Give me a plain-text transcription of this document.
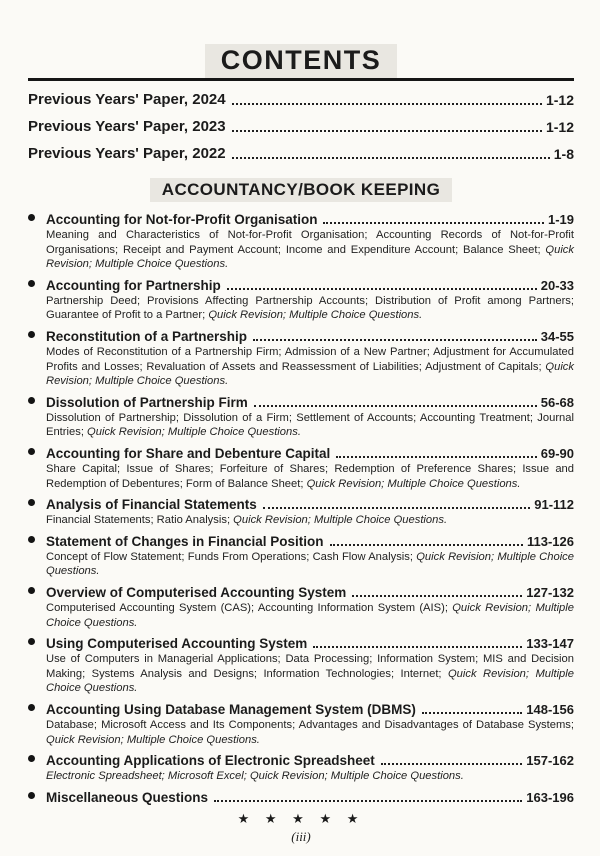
CONTENTS
Previous Years' Paper, 2024	1-12
Previous Years' Paper, 2023	1-12
Previous Years' Paper, 2022	1-8
ACCOUNTANCY/BOOK KEEPING
Accounting for Not-for-Profit Organisation	1-19

Meaning and Characteristics of Not-for-Profit Organisation; Accounting Records of Not-for-Profit Organisations; Receipt and Payment Account; Income and Expenditure Account; Balance Sheet; Quick Revision; Multiple Choice Questions.

Accounting for Partnership	20-33

Partnership Deed; Provisions Affecting Partnership Accounts; Distribution of Profit among Partners; Guarantee of Profit to a Partner; Quick Revision; Multiple Choice Questions.

Reconstitution of a Partnership	34-55

Modes of Reconstitution of a Partnership Firm; Admission of a New Partner; Adjustment for Accumulated Profits and Losses; Revaluation of Assets and Reassessment of Liabilities; Adjustment of Capitals; Quick Revision; Multiple Choice Questions.

Dissolution of Partnership Firm	56-68

Dissolution of Partnership; Dissolution of a Firm; Settlement of Accounts; Accounting Treatment; Journal Entries; Quick Revision; Multiple Choice Questions.

Accounting for Share and Debenture Capital	69-90

Share Capital; Issue of Shares; Forfeiture of Shares; Redemption of Preference Shares; Issue and Redemption of Debentures; Form of Balance Sheet; Quick Revision; Multiple Choice Questions.

Analysis of Financial Statements	91-112

Financial Statements; Ratio Analysis; Quick Revision; Multiple Choice Questions.

Statement of Changes in Financial Position	113-126

Concept of Flow Statement; Funds From Operations; Cash Flow Analysis; Quick Revision; Multiple Choice Questions.

Overview of Computerised Accounting System	127-132

Computerised Accounting System (CAS); Accounting Information System (AIS); Quick Revision; Multiple Choice Questions.

Using Computerised Accounting System	133-147

Use of Computers in Managerial Applications; Data Processing; Information System; MIS and Decision Making; Systems Analysis and Designs; Information Technologies; Internet; Quick Revision; Multiple Choice Questions.

Accounting Using Database Management System (DBMS)	148-156

Database; Microsoft Access and Its Components; Advantages and Disadvantages of Database Systems; Quick Revision; Multiple Choice Questions.

Accounting Applications of Electronic Spreadsheet	157-162

Electronic Spreadsheet; Microsoft Excel; Quick Revision; Multiple Choice Questions.

Miscellaneous Questions	163-196
★ ★ ★ ★ ★
(iii)
